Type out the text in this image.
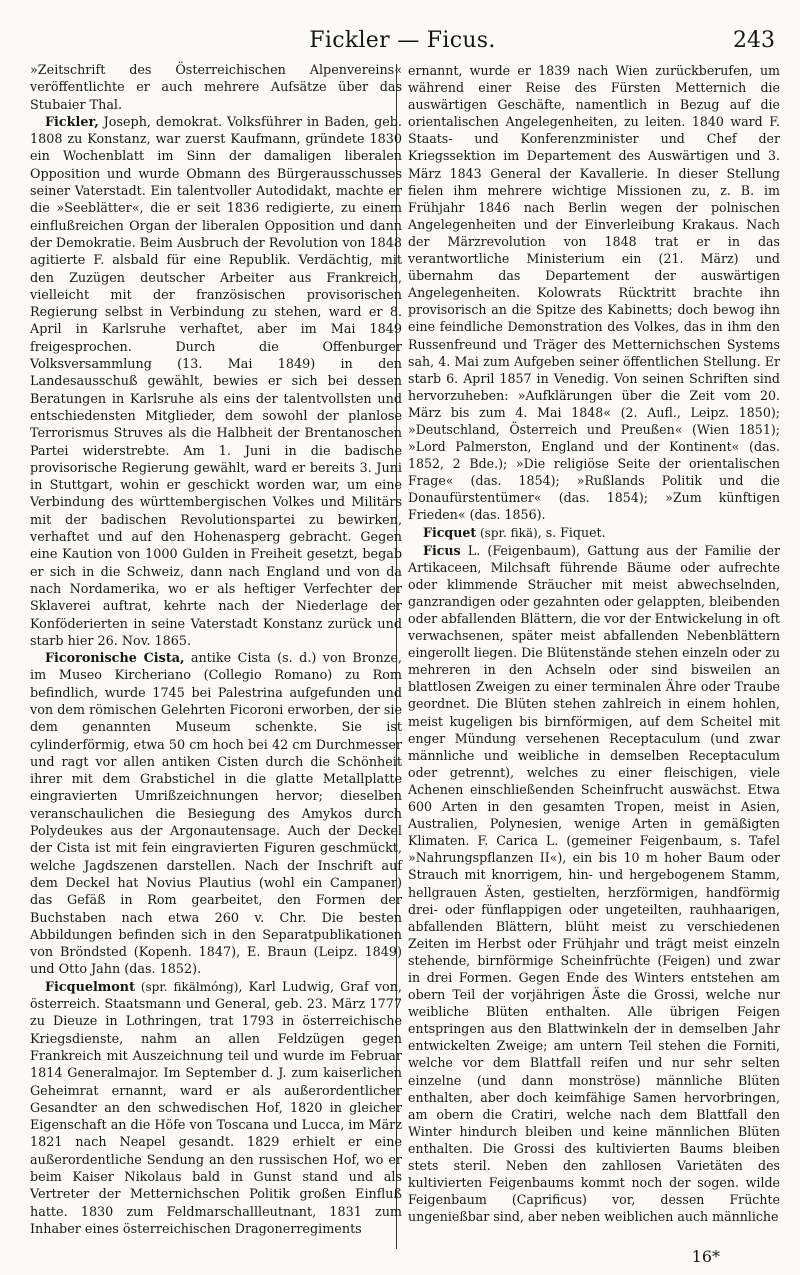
Fickler — Ficus.	243

»Zeitschrift des Österreichischen Alpenvereins« veröffentlichte er auch mehrere Aufsätze über das Stubaier Thal.

Fickler, Joseph, demokrat. Volksführer in Baden, geb. 1808 zu Konstanz, war zuerst Kaufmann, gründete 1830 ein Wochenblatt im Sinn der damaligen liberalen Opposition und wurde Obmann des Bürgerausschusses seiner Vaterstadt. Ein talentvoller Autodidakt, machte er die »Seeblätter«, die er seit 1836 redigierte, zu einem einflußreichen Organ der liberalen Opposition und dann der Demokratie. Beim Ausbruch der Revolution von 1848 agitierte F. alsbald für eine Republik. Verdächtig, mit den Zuzügen deutscher Arbeiter aus Frankreich, vielleicht mit der französischen provisorischen Regierung selbst in Verbindung zu stehen, ward er 8. April in Karlsruhe verhaftet, aber im Mai 1849 freigesprochen. Durch die Offenburger Volksversammlung (13. Mai 1849) in den Landesausschuß gewählt, bewies er sich bei dessen Beratungen in Karlsruhe als eins der talentvollsten und entschiedensten Mitglieder, dem sowohl der planlose Terrorismus Struves als die Halbheit der Brentanoschen Partei widerstrebte. Am 1. Juni in die badische provisorische Regierung gewählt, ward er bereits 3. Juni in Stuttgart, wohin er geschickt worden war, um eine Verbindung des württembergischen Volkes und Militärs mit der badischen Revolutionspartei zu bewirken, verhaftet und auf den Hohenasperg gebracht. Gegen eine Kaution von 1000 Gulden in Freiheit gesetzt, begab er sich in die Schweiz, dann nach England und von da nach Nordamerika, wo er als heftiger Verfechter der Sklaverei auftrat, kehrte nach der Niederlage der Konföderierten in seine Vaterstadt Konstanz zurück und starb hier 26. Nov. 1865.

Ficoronische Cista, antike Cista (s. d.) von Bronze, im Museo Kircheriano (Collegio Romano) zu Rom befindlich, wurde 1745 bei Palestrina aufgefunden und von dem römischen Gelehrten Ficoroni erworben, der sie dem genannten Museum schenkte. Sie ist cylinderförmig, etwa 50 cm hoch bei 42 cm Durchmesser und ragt vor allen antiken Cisten durch die Schönheit ihrer mit dem Grabstichel in die glatte Metallplatte eingravierten Umrißzeichnungen hervor; dieselben veranschaulichen die Besiegung des Amykos durch Polydeukes aus der Argonautensage. Auch der Deckel der Cista ist mit fein eingravierten Figuren geschmückt, welche Jagdszenen darstellen. Nach der Inschrift auf dem Deckel hat Novius Plautius (wohl ein Campaner) das Gefäß in Rom gearbeitet, den Formen der Buchstaben nach etwa 260 v. Chr. Die besten Abbildungen befinden sich in den Separatpublikationen von Bröndsted (Kopenh. 1847), E. Braun (Leipz. 1849) und Otto Jahn (das. 1852).

Ficquelmont (spr. fikälmóng), Karl Ludwig, Graf von, österreich. Staatsmann und General, geb. 23. März 1777 zu Dieuze in Lothringen, trat 1793 in österreichische Kriegsdienste, nahm an allen Feldzügen gegen Frankreich mit Auszeichnung teil und wurde im Februar 1814 Generalmajor. Im September d. J. zum kaiserlichen Geheimrat ernannt, ward er als außerordentlicher Gesandter an den schwedischen Hof, 1820 in gleicher Eigenschaft an die Höfe von Toscana und Lucca, im März 1821 nach Neapel gesandt. 1829 erhielt er eine außerordentliche Sendung an den russischen Hof, wo er beim Kaiser Nikolaus bald in Gunst stand und als Vertreter der Metternichschen Politik großen Einfluß hatte. 1830 zum Feldmarschallleutnant, 1831 zum Inhaber eines österreichischen Dragonerregiments

ernannt, wurde er 1839 nach Wien zurückberufen, um während einer Reise des Fürsten Metternich die auswärtigen Geschäfte, namentlich in Bezug auf die orientalischen Angelegenheiten, zu leiten. 1840 ward F. Staats- und Konferenzminister und Chef der Kriegssektion im Departement des Auswärtigen und 3. März 1843 General der Kavallerie. In dieser Stellung fielen ihm mehrere wichtige Missionen zu, z. B. im Frühjahr 1846 nach Berlin wegen der polnischen Angelegenheiten und der Einverleibung Krakaus. Nach der Märzrevolution von 1848 trat er in das verantwortliche Ministerium ein (21. März) und übernahm das Departement der auswärtigen Angelegenheiten. Kolowrats Rücktritt brachte ihn provisorisch an die Spitze des Kabinetts; doch bewog ihn eine feindliche Demonstration des Volkes, das in ihm den Russenfreund und Träger des Metternichschen Systems sah, 4. Mai zum Aufgeben seiner öffentlichen Stellung. Er starb 6. April 1857 in Venedig. Von seinen Schriften sind hervorzuheben: »Aufklärungen über die Zeit vom 20. März bis zum 4. Mai 1848« (2. Aufl., Leipz. 1850); »Deutschland, Österreich und Preußen« (Wien 1851); »Lord Palmerston, England und der Kontinent« (das. 1852, 2 Bde.); »Die religiöse Seite der orientalischen Frage« (das. 1854); »Rußlands Politik und die Donaufürstentümer« (das. 1854); »Zum künftigen Frieden« (das. 1856).

Ficquet (spr. fikä), s. Fiquet.

Ficus L. (Feigenbaum), Gattung aus der Familie der Artikaceen, Milchsaft führende Bäume oder aufrechte oder klimmende Sträucher mit meist abwechselnden, ganzrandigen oder gezahnten oder gelappten, bleibenden oder abfallenden Blättern, die vor der Entwickelung in oft verwachsenen, später meist abfallenden Nebenblättern eingerollt liegen. Die Blütenstände stehen einzeln oder zu mehreren in den Achseln oder sind bisweilen an blattlosen Zweigen zu einer terminalen Ähre oder Traube geordnet. Die Blüten stehen zahlreich in einem hohlen, meist kugeligen bis birnförmigen, auf dem Scheitel mit enger Mündung versehenen Receptaculum (und zwar männliche und weibliche in demselben Receptaculum oder getrennt), welches zu einer fleischigen, viele Achenen einschließenden Scheinfrucht auswächst. Etwa 600 Arten in den gesamten Tropen, meist in Asien, Australien, Polynesien, wenige Arten in gemäßigten Klimaten. F. Carica L. (gemeiner Feigenbaum, s. Tafel »Nahrungspflanzen II«), ein bis 10 m hoher Baum oder Strauch mit knorrigem, hin- und hergebogenem Stamm, hellgrauen Ästen, gestielten, herzförmigen, handförmig drei- oder fünflappigen oder ungeteilten, rauhhaarigen, abfallenden Blättern, blüht meist zu verschiedenen Zeiten im Herbst oder Frühjahr und trägt meist einzeln stehende, birnförmige Scheinfrüchte (Feigen) und zwar in drei Formen. Gegen Ende des Winters entstehen am obern Teil der vorjährigen Äste die Grossi, welche nur weibliche Blüten enthalten. Alle übrigen Feigen entspringen aus den Blattwinkeln der in demselben Jahr entwickelten Zweige; am untern Teil stehen die Forniti, welche vor dem Blattfall reifen und nur sehr selten einzelne (und dann monströse) männliche Blüten enthalten, aber doch keimfähige Samen hervorbringen, am obern die Cratiri, welche nach dem Blattfall den Winter hindurch bleiben und keine männlichen Blüten enthalten. Die Grossi des kultivierten Baums bleiben stets steril. Neben den zahllosen Varietäten des kultivierten Feigenbaums kommt noch der sogen. wilde Feigenbaum (Caprificus) vor, dessen Früchte ungenießbar sind, aber neben weiblichen auch männliche

16*
